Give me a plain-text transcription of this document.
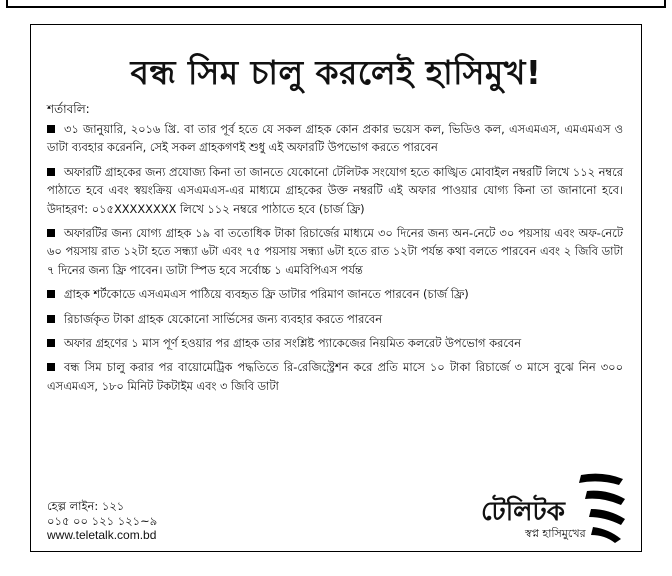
বন্ধ সিম চালু করলেই হাসিমুখ!
শর্তাবলি:
৩১ জানুয়ারি, ২০১৬ খ্রি. বা তার পূর্ব হতে যে সকল গ্রাহক কোন প্রকার ভয়েস কল, ভিডিও কল, এসএমএস, এমএমএস ও ডাটা ব্যবহার করেননি, সেই সকল গ্রাহকগণই শুধু এই অফারটি উপভোগ করতে পারবেন
অফারটি গ্রাহকের জন্য প্রযোজ্য কিনা তা জানতে যেকোনো টেলিটক সংযোগ হতে কাঙ্খিত মোবাইল নম্বরটি লিখে ১১২ নম্বরে পাঠাতে হবে এবং স্বয়ংক্রিয় এসএমএস-এর মাধ্যমে গ্রাহকের উক্ত নম্বরটি এই অফার পাওয়ার যোগ্য কিনা তা জানানো হবে। উদাহরণ: ০১৫XXXXXXXX লিখে ১১২ নম্বরে পাঠাতে হবে (চার্জ ফ্রি)
অফারটির জন্য যোগ্য গ্রাহক ১৯ বা ততোধিক টাকা রিচার্জের মাধ্যমে ৩০ দিনের জন্য অন-নেটে ৩০ পয়সায় এবং অফ-নেটে ৬০ পয়সায় রাত ১২টা হতে সন্ধ্যা ৬টা এবং ৭৫ পয়সায় সন্ধ্যা ৬টা হতে রাত ১২টা পর্যন্ত কথা বলতে পারবেন এবং ২ জিবি ডাটা ৭ দিনের জন্য ফ্রি পাবেন। ডাটা স্পিড হবে সর্বোচ্চ ১ এমবিপিএস পর্যন্ত
গ্রাহক শর্টকোডে এসএমএস পাঠিয়ে ব্যবহৃত ফ্রি ডাটার পরিমাণ জানতে পারবেন (চার্জ ফ্রি)
রিচার্জকৃত টাকা গ্রাহক যেকোনো সার্ভিসের জন্য ব্যবহার করতে পারবেন
অফার গ্রহণের ১ মাস পূর্ণ হওয়ার পর গ্রাহক তার সংশ্লিষ্ট প্যাকেজের নিয়মিত কলরেট উপভোগ করবেন
বন্ধ সিম চালু করার পর বায়োমেট্রিক পদ্ধতিতে রি-রেজিস্ট্রেশন করে প্রতি মাসে ১০ টাকা রিচার্জে ৩ মাসে বুঝে নিন ৩০০ এসএমএস, ১৮০ মিনিট টকটাইম এবং ৩ জিবি ডাটা
হেল্প লাইন: ১২১
০১৫ ০০ ১২১ ১২১~৯
www.teletalk.com.bd
টেলিটক
স্বপ্ন হাসিমুখের
